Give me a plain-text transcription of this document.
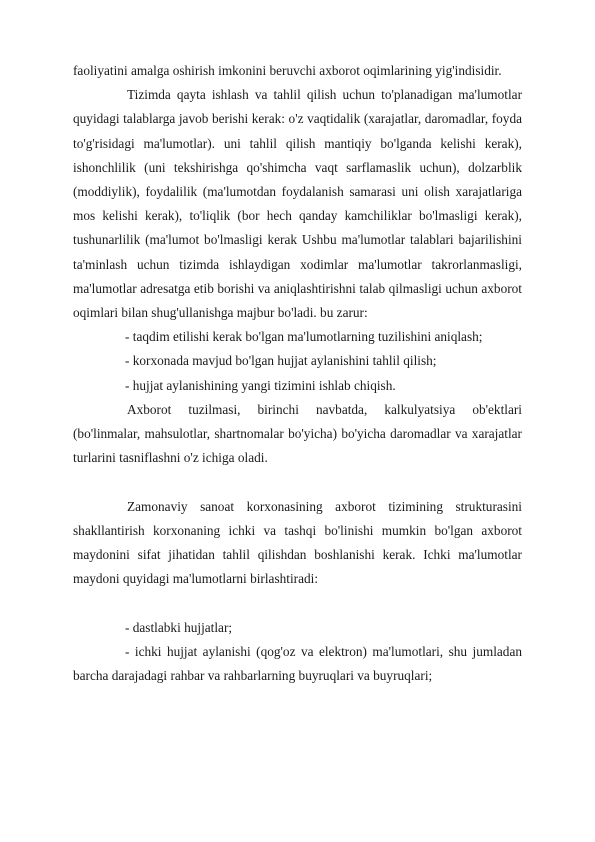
faoliyatini amalga oshirish imkonini beruvchi axborot oqimlarining yig'indisidir.

Tizimda qayta ishlash va tahlil qilish uchun to'planadigan ma'lumotlar quyidagi talablarga javob berishi kerak: o'z vaqtidalik (xarajatlar, daromadlar, foyda to'g'risidagi ma'lumotlar). uni tahlil qilish mantiqiy bo'lganda kelishi kerak), ishonchlilik (uni tekshirishga qo'shimcha vaqt sarflamaslik uchun), dolzarblik (moddiylik), foydalilik (ma'lumotdan foydalanish samarasi uni olish xarajatlariga mos kelishi kerak), to'liqlik (bor hech qanday kamchiliklar bo'lmasligi kerak), tushunarlilik (ma'lumot bo'lmasligi kerak Ushbu ma'lumotlar talablari bajarilishini ta'minlash uchun tizimda ishlaydigan xodimlar ma'lumotlar takrorlanmasligi, ma'lumotlar adresatga etib borishi va aniqlashtirishni talab qilmasligi uchun axborot oqimlari bilan shug'ullanishga majbur bo'ladi. bu zarur:

- taqdim etilishi kerak bo'lgan ma'lumotlarning tuzilishini aniqlash;

- korxonada mavjud bo'lgan hujjat aylanishini tahlil qilish;

- hujjat aylanishining yangi tizimini ishlab chiqish.

Axborot tuzilmasi, birinchi navbatda, kalkulyatsiya ob'ektlari (bo'linmalar, mahsulotlar, shartnomalar bo'yicha) bo'yicha daromadlar va xarajatlar turlarini tasniflashni o'z ichiga oladi.

Zamonaviy sanoat korxonasining axborot tizimining strukturasini shakllantirish korxonaning ichki va tashqi bo'linishi mumkin bo'lgan axborot maydonini sifat jihatidan tahlil qilishdan boshlanishi kerak. Ichki ma'lumotlar maydoni quyidagi ma'lumotlarni birlashtiradi:

- dastlabki hujjatlar;

- ichki hujjat aylanishi (qog'oz va elektron) ma'lumotlari, shu jumladan barcha darajadagi rahbar va rahbarlarning buyruqlari va buyruqlari;
